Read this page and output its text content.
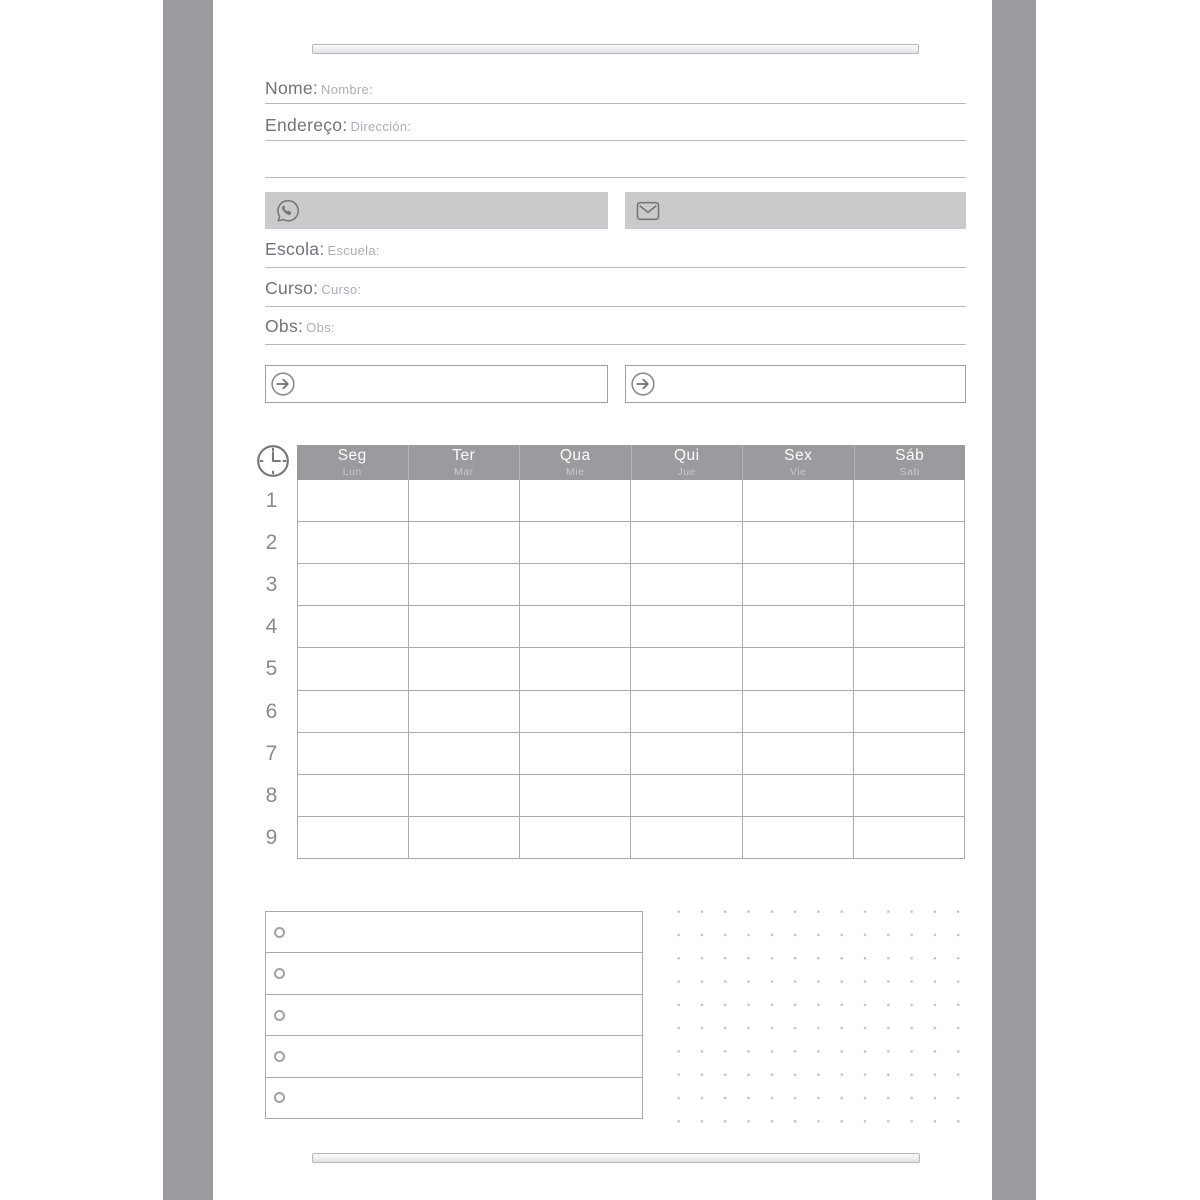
Nome: Nombre:
Endereço: Dirección:
Escola: Escuela:
Curso: Curso:
Obs: Obs:
Seg
Lun
Ter
Mar
Qua
Mie
Qui
Jue
Sex
Vie
Sáb
Sab
1
2
3
4
5
6
7
8
9
